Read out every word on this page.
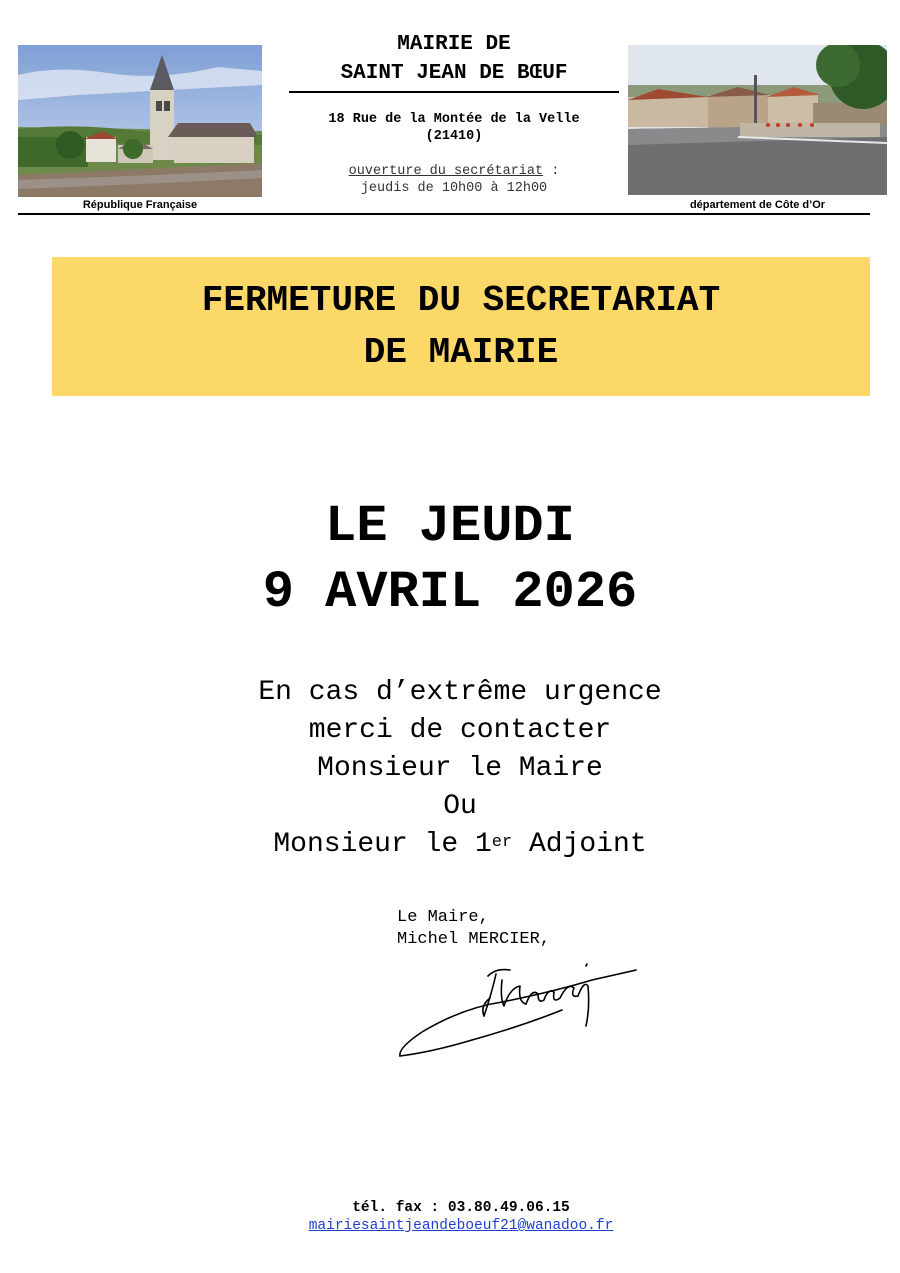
MAIRIE DE
SAINT JEAN DE BŒUF
18 Rue de la Montée de la Velle
(21410)
ouverture du secrétariat :
jeudis de 10h00 à 12h00
République Française	département de Côte d’Or
FERMETURE DU SECRETARIAT
DE MAIRIE
LE JEUDI
9 AVRIL 2026
En cas d’extrême urgence
merci de contacter
Monsieur le Maire
Ou
Monsieur le 1er Adjoint
Le Maire,
Michel MERCIER,
tél. fax : 03.80.49.06.15
mairiesaintjeandeboeuf21@wanadoo.fr
